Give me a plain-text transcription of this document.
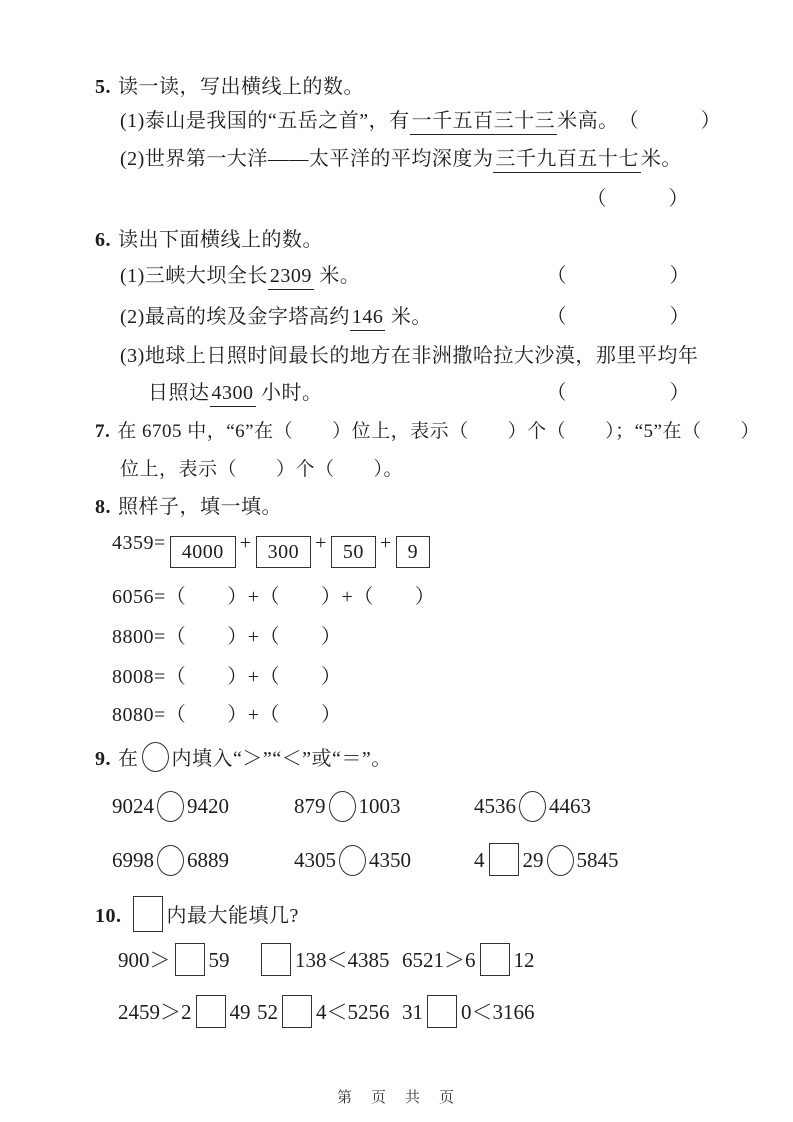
5. 读一读，写出横线上的数。
(1)泰山是我国的“五岳之首”，有 一千五百三十三 米高。 （　　　）
(2)世界第一大洋——太平洋的平均深度为 三千九百五十七 米。
（　　　）
6. 读出下面横线上的数。
(1)三峡大坝全长 2309 米。	（　　　　　）
(2)最高的埃及金字塔高约 146 米。	（　　　　　）
(3)地球上日照时间最长的地方在非洲撒哈拉大沙漠，那里平均年
日照达 4300 小时。	（　　　　　）
7. 在 6705 中，“6”在（　　）位上，表示（　　）个（　　）；“5”在（　　）
位上，表示（　　）个（　　）。
8. 照样子，填一填。
4359= 4000 + 300 + 50 + 9
6056=（　　）+（　　）+（　　）
8800=（　　）+（　　）
8008=（　　）+（　　）
8080=（　　）+（　　）
9. 在 内填入“＞”“＜”或“＝”。
9024 9420	879 1003	4536 4463
6998 6889	4305 4350	4 29 5845
10. 内最大能填几?
900＞ 59	138＜4385 6521＞6 12
2459＞2 49 52 4＜5256 31 0＜3166
第　页　共　页
